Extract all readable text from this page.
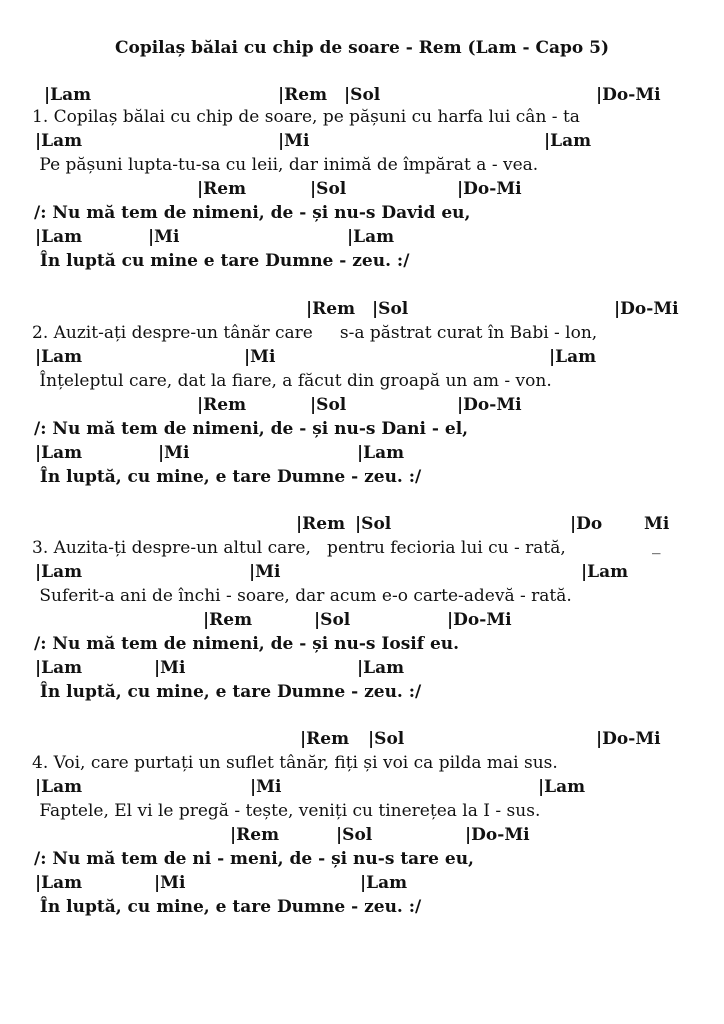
Copilaș bălai cu chip de soare - Rem (Lam - Capo 5)
|Lam	|Rem |Sol	|Do-Mi
1. Copilaș bălai cu chip de soare, pe pășuni cu harfa lui cân - ta
|Lam	|Mi	|Lam
Pe pășuni lupta-tu-sa cu leii, dar inimă de împărat a - vea.
|Rem	|Sol	|Do-Mi
/: Nu mă tem de nimeni, de - și nu-s David eu,
|Lam	|Mi	|Lam
În luptă cu mine e tare Dumne - zeu. :/
|Rem |Sol	|Do-Mi
2. Auzit-ați despre-un tânăr care     s-a păstrat curat în Babi - lon,
|Lam	|Mi	|Lam
Înțeleptul care, dat la fiare, a făcut din groapă un am - von.
|Rem	|Sol	|Do-Mi
/: Nu mă tem de nimeni, de - și nu-s Dani - el,
|Lam	|Mi	|Lam
În luptă, cu mine, e tare Dumne - zeu. :/
|Rem |Sol	|Do Mi
3. Auzita-ți despre-un altul care,   pentru fecioria lui cu - rată,	_
|Lam	|Mi	|Lam
Suferit-a ani de închi - soare, dar acum e-o carte-adevă - rată.
|Rem	|Sol	|Do-Mi
/: Nu mă tem de nimeni, de - și nu-s Iosif eu.
|Lam	|Mi	|Lam
În luptă, cu mine, e tare Dumne - zeu. :/
|Rem |Sol	|Do-Mi
4. Voi, care purtați un suflet tânăr, fiți și voi ca pilda mai sus.
|Lam	|Mi	|Lam
Faptele, El vi le pregă - tește, veniți cu tinerețea la I - sus.
|Rem	|Sol	|Do-Mi
/: Nu mă tem de ni - meni, de - și nu-s tare eu,
|Lam	|Mi	|Lam
În luptă, cu mine, e tare Dumne - zeu. :/
